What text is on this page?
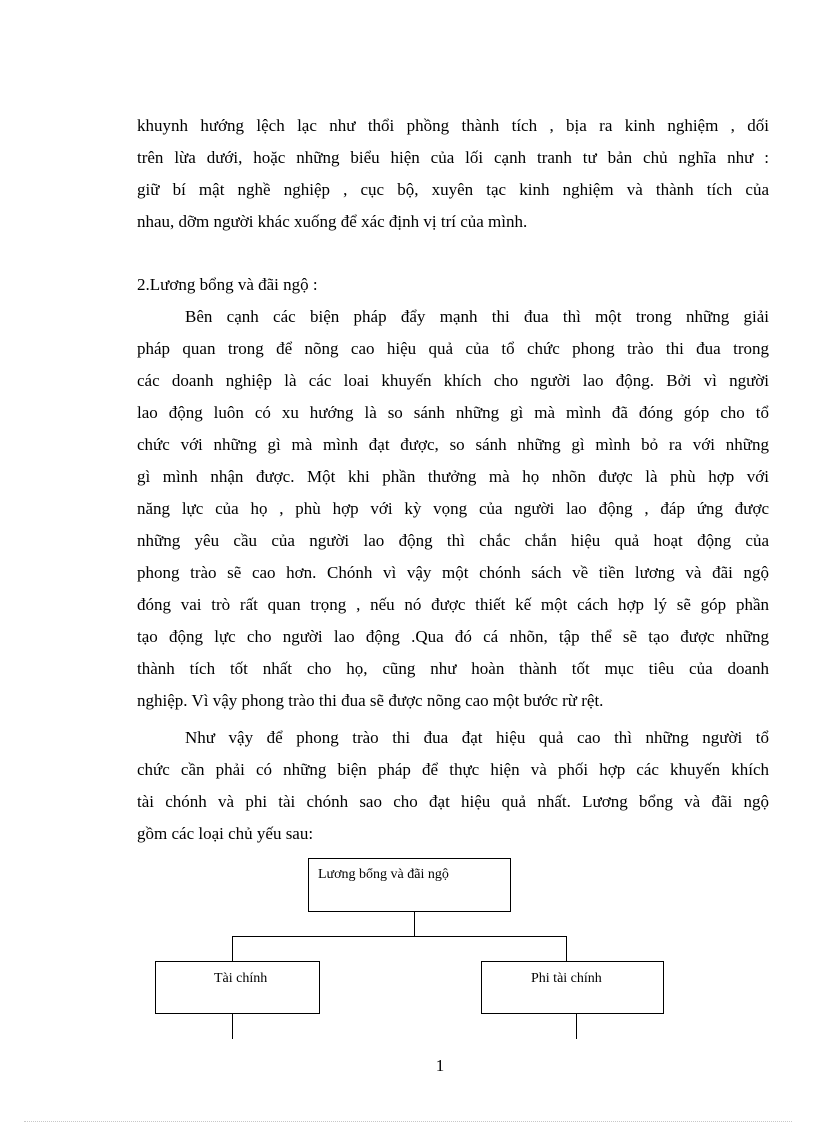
khuynh hướng lệch lạc như thổi phồng thành tích , bịa ra kinh nghiệm , dối
trên lừa dưới, hoặc những biểu hiện của lối cạnh tranh tư bản chủ nghĩa như :
giữ bí mật nghề nghiệp , cục bộ, xuyên tạc kinh nghiệm và thành tích của
nhau, dỡm người khác xuống để xác định vị trí của mình.
2.Lương bổng và đãi ngộ :
Bên cạnh các biện pháp đẩy mạnh thi đua thì một trong những giải
pháp quan trong để nõng cao hiệu quả của tổ chức phong trào thi đua trong
các doanh nghiệp là các loai khuyến khích cho người lao động. Bởi vì người
lao động luôn có xu hướng là so sánh những gì mà mình đã đóng góp cho tổ
chức với những gì mà mình đạt được, so sánh những gì mình bỏ ra với những
gì mình nhận được. Một khi phần thưởng mà họ nhõn được là phù hợp với
năng lực của họ , phù hợp với kỳ vọng của người lao động , đáp ứng được
những yêu cầu của người lao động thì chắc chắn hiệu quả hoạt động của
phong trào sẽ cao hơn. Chónh vì vậy một chónh sách về tiền lương và đãi ngộ
đóng vai trò rất quan trọng , nếu nó được thiết kế một cách hợp lý sẽ góp phần
tạo động lực cho người lao động .Qua đó cá nhõn, tập thể sẽ tạo được những
thành tích tốt nhất cho họ, cũng như hoàn thành tốt mục tiêu của doanh
nghiệp. Vì vậy phong trào thi đua sẽ được nõng cao một bước rừ rệt.
Như vậy để phong trào thi đua đạt hiệu quả cao thì những người tổ
chức cần phải có những biện pháp để thực hiện và phối hợp các khuyến khích
tài chónh và phi tài chónh sao cho đạt hiệu quả nhất. Lương bổng và đãi ngộ
gồm các loại chủ yếu sau:
Lương bổng và đãi ngộ
Tài chính	Phi tài chính
1
